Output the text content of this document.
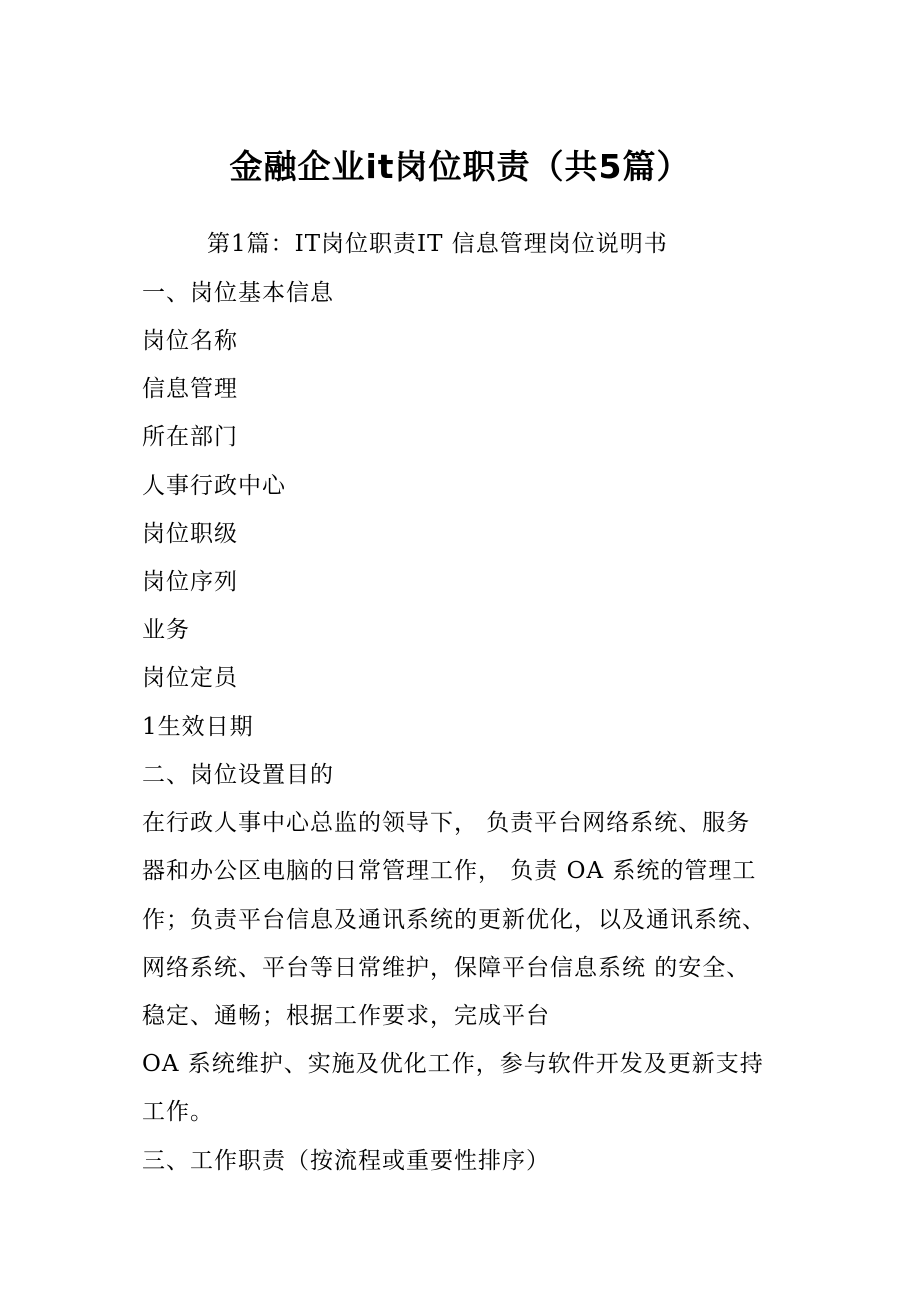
金融企业it岗位职责（共5篇）

第1篇：IT岗位职责IT 信息管理岗位说明书

一、岗位基本信息

岗位名称

信息管理

所在部门

人事行政中心

岗位职级

岗位序列

业务

岗位定员

1生效日期

二、岗位设置目的

在行政人事中心总监的领导下， 负责平台网络系统、服务

器和办公区电脑的日常管理工作， 负责 OA 系统的管理工

作；负责平台信息及通讯系统的更新优化，以及通讯系统、

网络系统、平台等日常维护，保障平台信息系统 的安全、

稳定、通畅；根据工作要求，完成平台

OA 系统维护、实施及优化工作，参与软件开发及更新支持

工作。

三、工作职责（按流程或重要性排序）
